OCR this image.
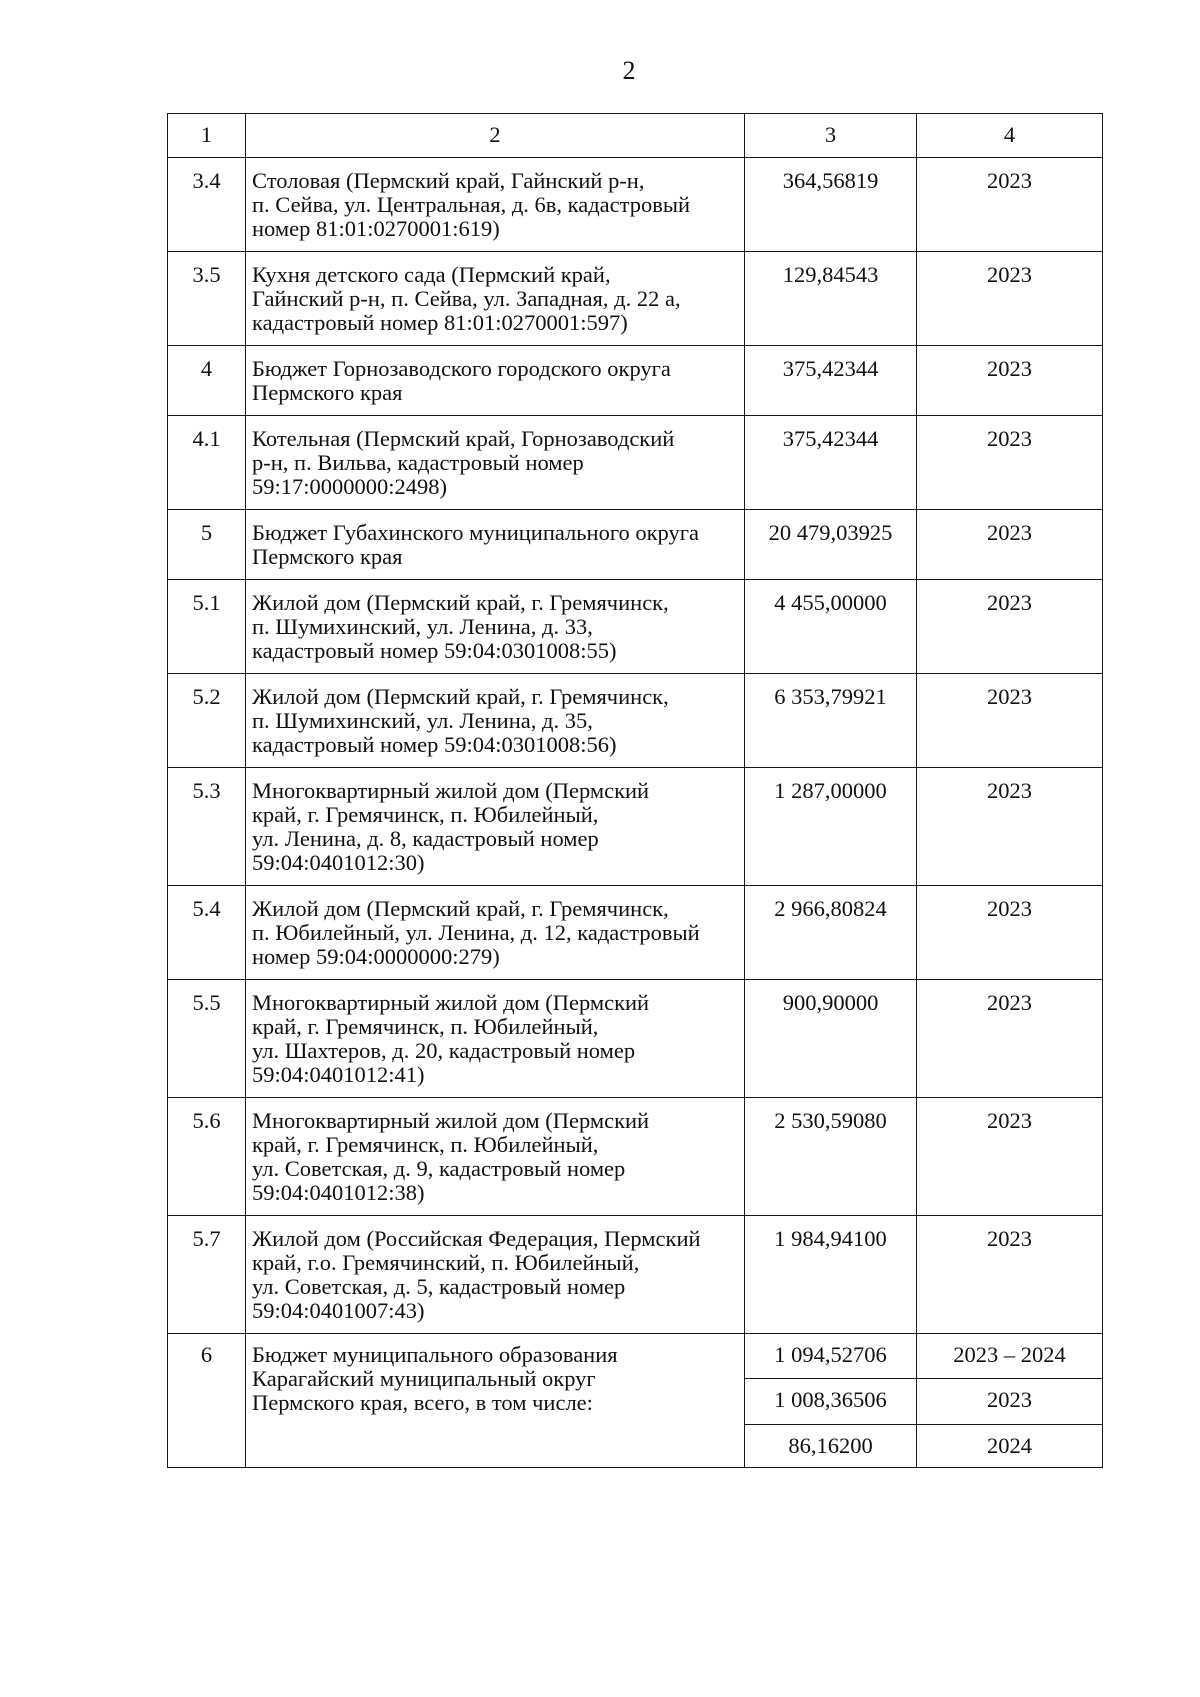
2
1	2	3	4
3.4	Столовая (Пермский край, Гайнский р-н,
п. Сейва, ул. Центральная, д. 6в, кадастровый
номер 81:01:0270001:619)	364,56819	2023
3.5	Кухня детского сада (Пермский край,
Гайнский р-н, п. Сейва, ул. Западная, д. 22 а,
кадастровый номер 81:01:0270001:597)	129,84543	2023
4	Бюджет Горнозаводского городского округа
Пермского края	375,42344	2023
4.1	Котельная (Пермский край, Горнозаводский
р-н, п. Вильва, кадастровый номер
59:17:0000000:2498)	375,42344	2023
5	Бюджет Губахинского муниципального округа
Пермского края	20 479,03925	2023
5.1	Жилой дом (Пермский край, г. Гремячинск,
п. Шумихинский, ул. Ленина, д. 33,
кадастровый номер 59:04:0301008:55)	4 455,00000	2023
5.2	Жилой дом (Пермский край, г. Гремячинск,
п. Шумихинский, ул. Ленина, д. 35,
кадастровый номер 59:04:0301008:56)	6 353,79921	2023
5.3	Многоквартирный жилой дом (Пермский
край, г. Гремячинск, п. Юбилейный,
ул. Ленина, д. 8, кадастровый номер
59:04:0401012:30)	1 287,00000	2023
5.4	Жилой дом (Пермский край, г. Гремячинск,
п. Юбилейный, ул. Ленина, д. 12, кадастровый
номер 59:04:0000000:279)	2 966,80824	2023
5.5	Многоквартирный жилой дом (Пермский
край, г. Гремячинск, п. Юбилейный,
ул. Шахтеров, д. 20, кадастровый номер
59:04:0401012:41)	900,90000	2023
5.6	Многоквартирный жилой дом (Пермский
край, г. Гремячинск, п. Юбилейный,
ул. Советская, д. 9, кадастровый номер
59:04:0401012:38)	2 530,59080	2023
5.7	Жилой дом (Российская Федерация, Пермский
край, г.о. Гремячинский, п. Юбилейный,
ул. Советская, д. 5, кадастровый номер
59:04:0401007:43)	1 984,94100	2023
6	Бюджет муниципального образования
Карагайский муниципальный округ
Пермского края, всего, в том числе:	1 094,52706	2023 – 2024
		1 008,36506	2023
		86,16200	2024
